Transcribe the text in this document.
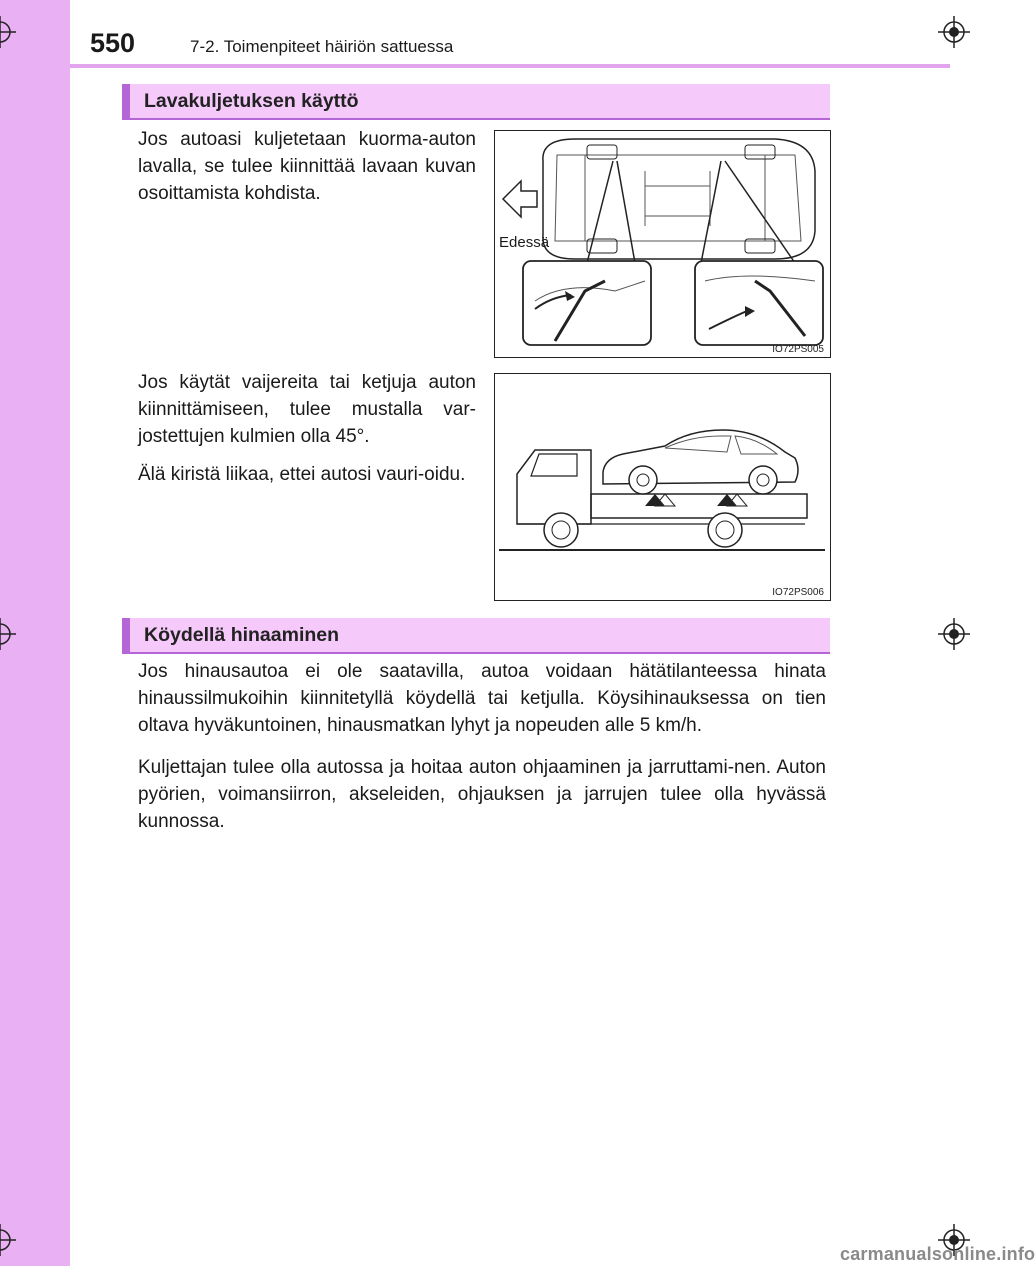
550	7-2. Toimenpiteet häiriön sattuessa
Lavakuljetuksen käyttö
Jos autoasi kuljetetaan kuorma-auton lavalla, se tulee kiinnittää lavaan kuvan osoittamista kohdista.
Edessä
IO72PS005
Jos käytät vaijereita tai ketjuja auton kiinnittämiseen, tulee mustalla var-jostettujen kulmien olla 45°.
Älä kiristä liikaa, ettei autosi vauri-oidu.
IO72PS006
Köydellä hinaaminen
Jos hinausautoa ei ole saatavilla, autoa voidaan hätätilanteessa hinata hinaussilmukoihin kiinnitetyllä köydellä tai ketjulla. Köysihinauksessa on tien oltava hyväkuntoinen, hinausmatkan lyhyt ja nopeuden alle 5 km/h.
Kuljettajan tulee olla autossa ja hoitaa auton ohjaaminen ja jarruttami-nen. Auton pyörien, voimansiirron, akseleiden, ohjauksen ja jarrujen tulee olla hyvässä kunnossa.
carmanualsonline.info
